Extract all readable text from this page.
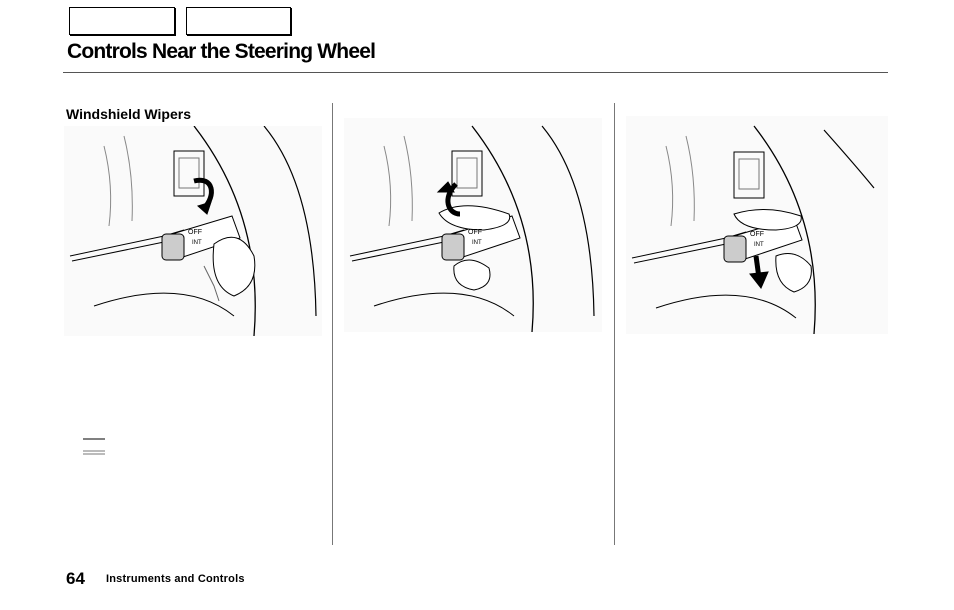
Controls Near the Steering Wheel
Windshield Wipers
OFF
INT
OFF
INT
OFF
INT
64 Instruments and Controls
